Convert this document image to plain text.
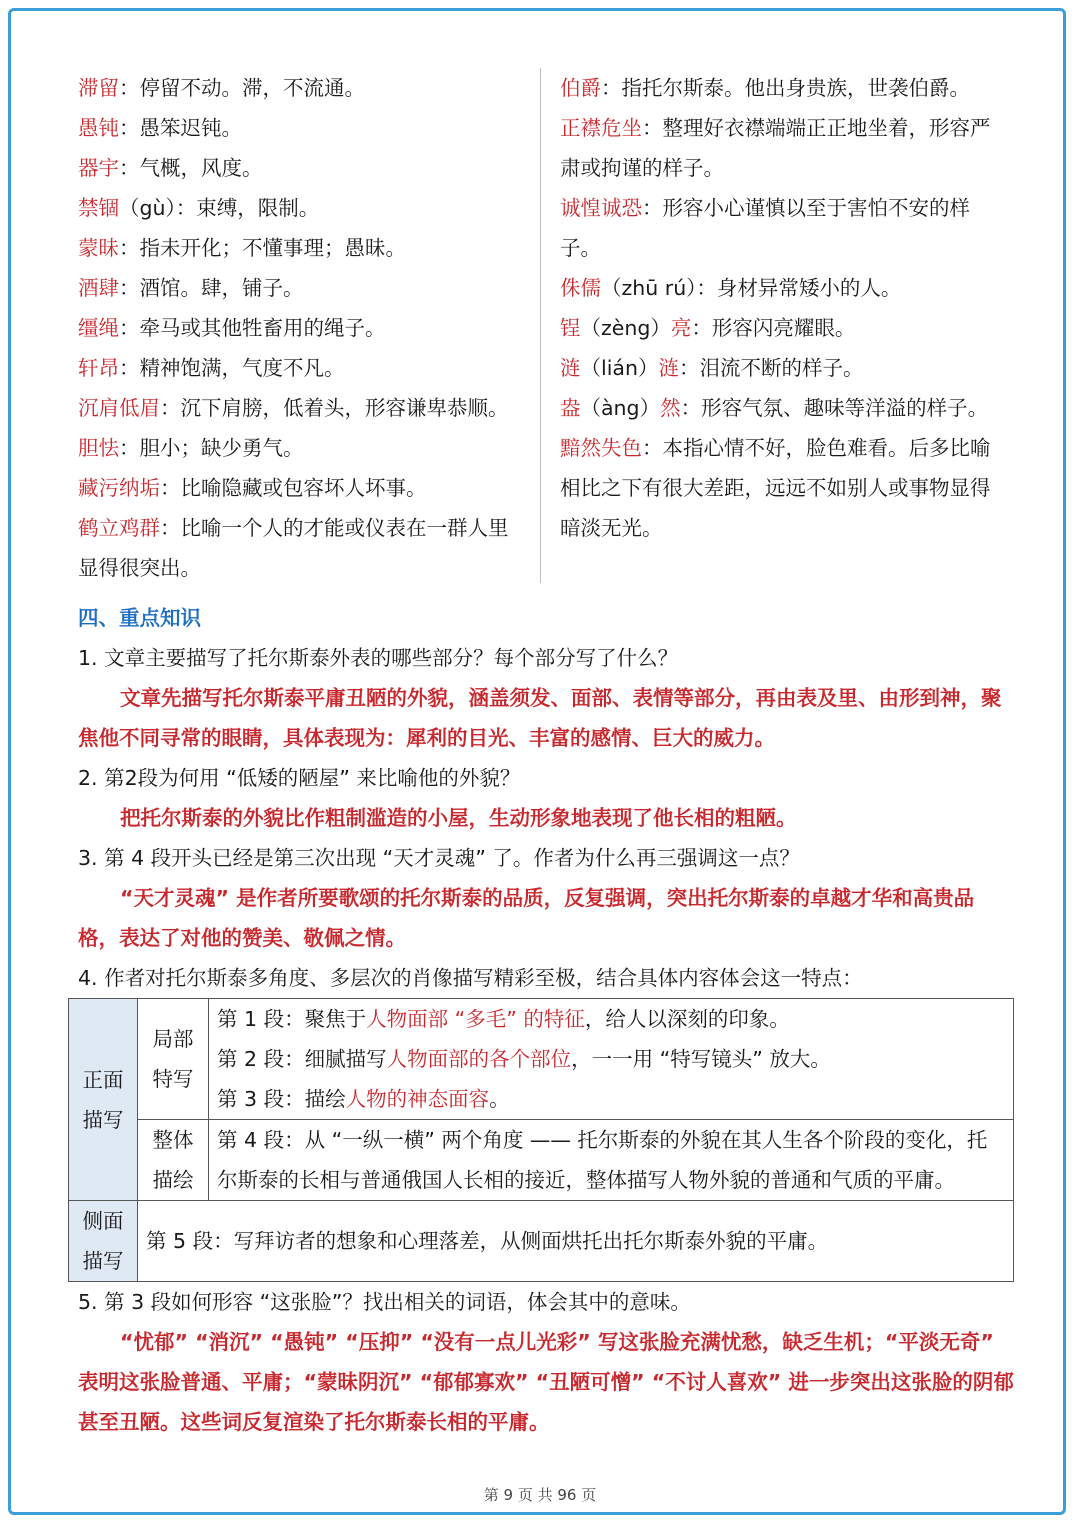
滞留：停留不动。滞，不流通。
愚钝：愚笨迟钝。
器宇：气概，风度。
禁锢（gù）：束缚，限制。
蒙昧：指未开化；不懂事理；愚昧。
酒肆：酒馆。肆，铺子。
缰绳：牵马或其他牲畜用的绳子。
轩昂：精神饱满，气度不凡。
沉肩低眉：沉下肩膀，低着头，形容谦卑恭顺。
胆怯：胆小；缺少勇气。
藏污纳垢：比喻隐藏或包容坏人坏事。
鹤立鸡群：比喻一个人的才能或仪表在一群人里显得很突出。
伯爵：指托尔斯泰。他出身贵族，世袭伯爵。
正襟危坐：整理好衣襟端端正正地坐着，形容严肃或拘谨的样子。
诚惶诚恐：形容小心谨慎以至于害怕不安的样子。
侏儒（zhū rú）：身材异常矮小的人。
锃（zèng）亮：形容闪亮耀眼。
涟（lián）涟：泪流不断的样子。
盎（àng）然：形容气氛、趣味等洋溢的样子。
黯然失色：本指心情不好，脸色难看。后多比喻相比之下有很大差距，远远不如别人或事物显得暗淡无光。
四、重点知识
1. 文章主要描写了托尔斯泰外表的哪些部分？每个部分写了什么？
文章先描写托尔斯泰平庸丑陋的外貌，涵盖须发、面部、表情等部分，再由表及里、由形到神，聚焦他不同寻常的眼睛，具体表现为：犀利的目光、丰富的感情、巨大的威力。
2. 第2段为何用 “低矮的陋屋” 来比喻他的外貌？
把托尔斯泰的外貌比作粗制滥造的小屋，生动形象地表现了他长相的粗陋。
3. 第 4 段开头已经是第三次出现 “天才灵魂” 了。作者为什么再三强调这一点？
“天才灵魂” 是作者所要歌颂的托尔斯泰的品质，反复强调，突出托尔斯泰的卓越才华和高贵品格，表达了对他的赞美、敬佩之情。
4. 作者对托尔斯泰多角度、多层次的肖像描写精彩至极，结合具体内容体会这一特点：
正面描写	局部特写	第 1 段：聚焦于人物面部 “多毛” 的特征，给人以深刻的印象。
第 2 段：细腻描写人物面部的各个部位，一一用 “特写镜头” 放大。
第 3 段：描绘人物的神态面容。

	整体描绘	第 4 段：从 “一纵一横” 两个角度 —— 托尔斯泰的外貌在其人生各个阶段的变化，托尔斯泰的长相与普通俄国人长相的接近，整体描写人物外貌的普通和气质的平庸。
侧面描写	第 5 段：写拜访者的想象和心理落差，从侧面烘托出托尔斯泰外貌的平庸。	
5. 第 3 段如何形容 “这张脸”？找出相关的词语，体会其中的意味。
“忧郁” “消沉” “愚钝” “压抑” “没有一点儿光彩” 写这张脸充满忧愁，缺乏生机；“平淡无奇” 表明这张脸普通、平庸；“蒙昧阴沉” “郁郁寡欢” “丑陋可憎” “不讨人喜欢” 进一步突出这张脸的阴郁甚至丑陋。这些词反复渲染了托尔斯泰长相的平庸。
第 9 页 共 96 页
